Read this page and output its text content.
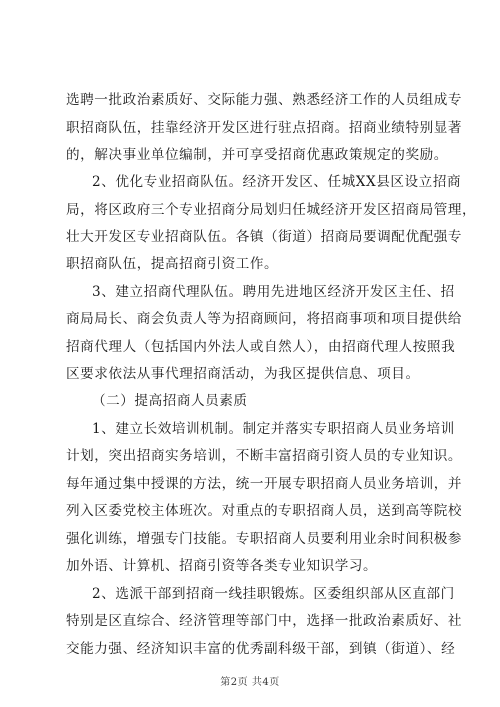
选聘一批政治素质好、交际能力强、熟悉经济工作的人员组成专
职招商队伍，挂靠经济开发区进行驻点招商。招商业绩特别显著
的，解决事业单位编制，并可享受招商优惠政策规定的奖励。
2、优化专业招商队伍。经济开发区、任城XX县区设立招商
局，将区政府三个专业招商分局划归任城经济开发区招商局管理，
壮大开发区专业招商队伍。各镇（街道）招商局要调配优配强专
职招商队伍，提高招商引资工作。
3、建立招商代理队伍。聘用先进地区经济开发区主任、招
商局局长、商会负责人等为招商顾问，将招商事项和项目提供给
招商代理人（包括国内外法人或自然人），由招商代理人按照我
区要求依法从事代理招商活动，为我区提供信息、项目。
（二）提高招商人员素质
1、建立长效培训机制。制定并落实专职招商人员业务培训
计划，突出招商实务培训，不断丰富招商引资人员的专业知识。
每年通过集中授课的方法，统一开展专职招商人员业务培训，并
列入区委党校主体班次。对重点的专职招商人员，送到高等院校
强化训练，增强专门技能。专职招商人员要利用业余时间积极参
加外语、计算机、招商引资等各类专业知识学习。
2、选派干部到招商一线挂职锻炼。区委组织部从区直部门
特别是区直综合、经济管理等部门中，选择一批政治素质好、社
交能力强、经济知识丰富的优秀副科级干部，到镇（街道）、经
第2页 共4页
